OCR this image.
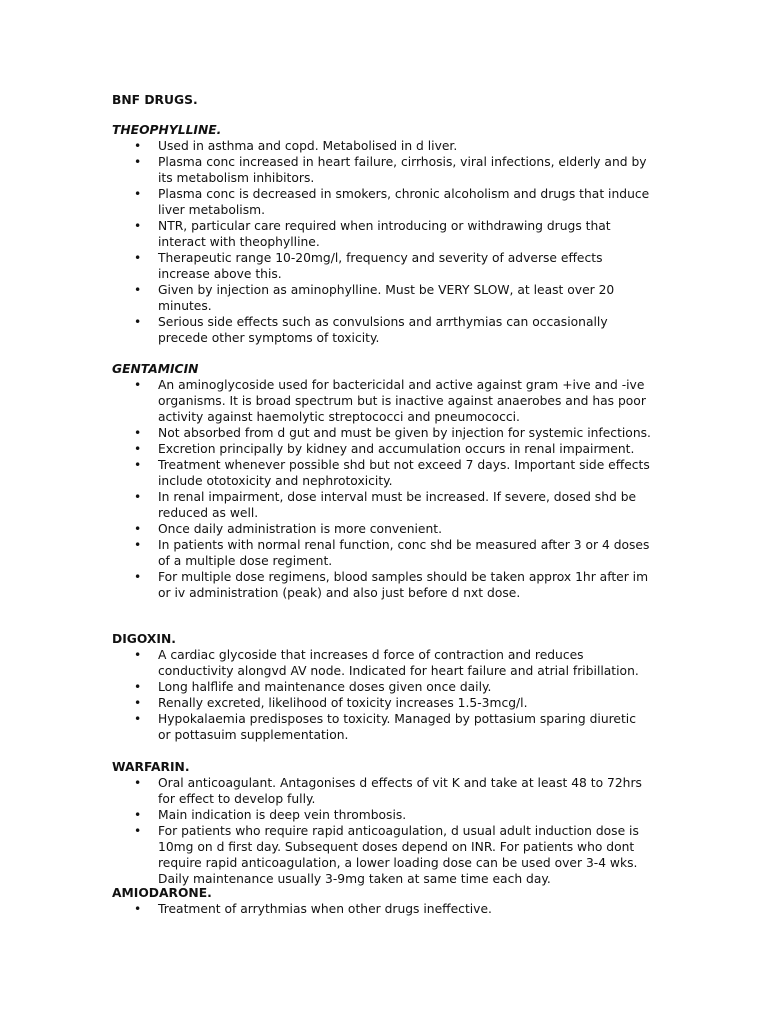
BNF DRUGS.
THEOPHYLLINE.
• Used in asthma and copd. Metabolised in d liver.
• Plasma conc increased in heart failure, cirrhosis, viral infections, elderly and by its metabolism inhibitors.
• Plasma conc is decreased in smokers, chronic alcoholism and drugs that induce liver metabolism.
• NTR, particular care required when introducing or withdrawing drugs that interact with theophylline.
• Therapeutic range 10-20mg/l, frequency and severity of adverse effects increase above this.
• Given by injection as aminophylline. Must be VERY SLOW, at least over 20 minutes.
• Serious side effects such as convulsions and arrthymias can occasionally precede other symptoms of toxicity.
GENTAMICIN
• An aminoglycoside used for bactericidal and active against gram +ive and -ive organisms. It is broad spectrum but is inactive against anaerobes and has poor activity against haemolytic streptococci and pneumococci.
• Not absorbed from d gut and must be given by injection for systemic infections.
• Excretion principally by kidney and accumulation occurs in renal impairment.
• Treatment whenever possible shd but not exceed 7 days. Important side effects include ototoxicity and nephrotoxicity.
• In renal impairment, dose interval must be increased. If severe, dosed shd be reduced as well.
• Once daily administration is more convenient.
• In patients with normal renal function, conc shd be measured after 3 or 4 doses of a multiple dose regiment.
• For multiple dose regimens, blood samples should be taken approx 1hr after im or iv administration (peak) and also just before d nxt dose.
DIGOXIN.
• A cardiac glycoside that increases d force of contraction and reduces conductivity alongvd AV node. Indicated for heart failure and atrial fribillation.
• Long halflife and maintenance doses given once daily.
• Renally excreted, likelihood of toxicity increases 1.5-3mcg/l.
• Hypokalaemia predisposes to toxicity. Managed by pottasium sparing diuretic or pottasuim supplementation.
WARFARIN.
• Oral anticoagulant. Antagonises d effects of vit K and take at least 48 to 72hrs for effect to develop fully.
• Main indication is deep vein thrombosis.
• For patients who require rapid anticoagulation, d usual adult induction dose is 10mg on d first day. Subsequent doses depend on INR. For patients who dont require rapid anticoagulation, a lower loading dose can be used over 3-4 wks. Daily maintenance usually 3-9mg taken at same time each day.
AMIODARONE.
• Treatment of arrythmias when other drugs ineffective.
